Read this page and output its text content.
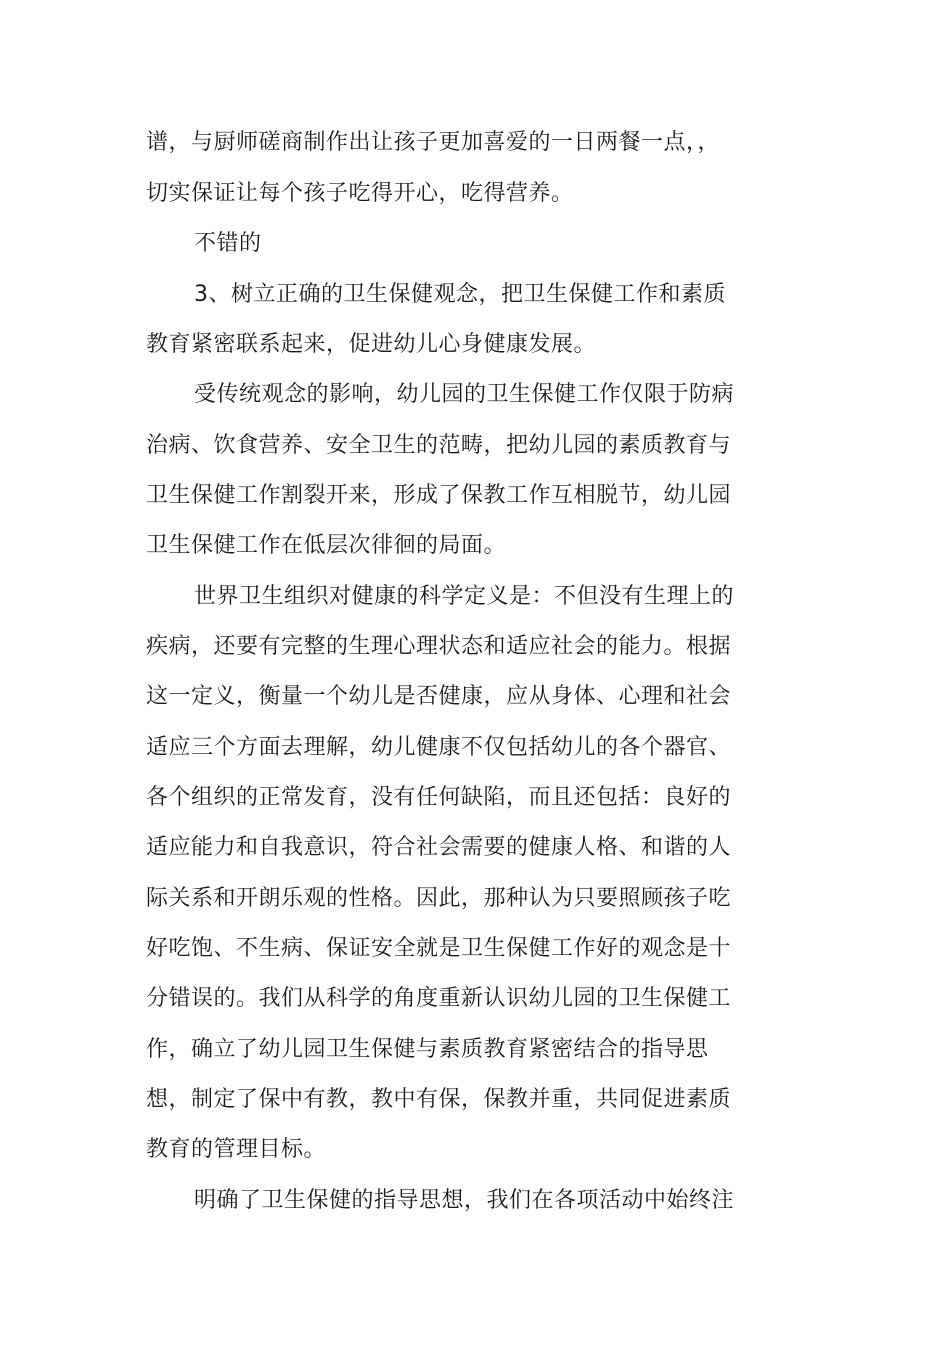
谱，与厨师磋商制作出让孩子更加喜爱的一日两餐一点，，
切实保证让每个孩子吃得开心，吃得营养。
不错的
3、树立正确的卫生保健观念，把卫生保健工作和素质
教育紧密联系起来，促进幼儿心身健康发展。
受传统观念的影响，幼儿园的卫生保健工作仅限于防病
治病、饮食营养、安全卫生的范畴，把幼儿园的素质教育与
卫生保健工作割裂开来，形成了保教工作互相脱节，幼儿园
卫生保健工作在低层次徘徊的局面。
世界卫生组织对健康的科学定义是：不但没有生理上的
疾病，还要有完整的生理心理状态和适应社会的能力。根据
这一定义，衡量一个幼儿是否健康，应从身体、心理和社会
适应三个方面去理解，幼儿健康不仅包括幼儿的各个器官、
各个组织的正常发育，没有任何缺陷，而且还包括：良好的
适应能力和自我意识，符合社会需要的健康人格、和谐的人
际关系和开朗乐观的性格。因此，那种认为只要照顾孩子吃
好吃饱、不生病、保证安全就是卫生保健工作好的观念是十
分错误的。我们从科学的角度重新认识幼儿园的卫生保健工
作，确立了幼儿园卫生保健与素质教育紧密结合的指导思
想，制定了保中有教，教中有保，保教并重，共同促进素质
教育的管理目标。
明确了卫生保健的指导思想，我们在各项活动中始终注
